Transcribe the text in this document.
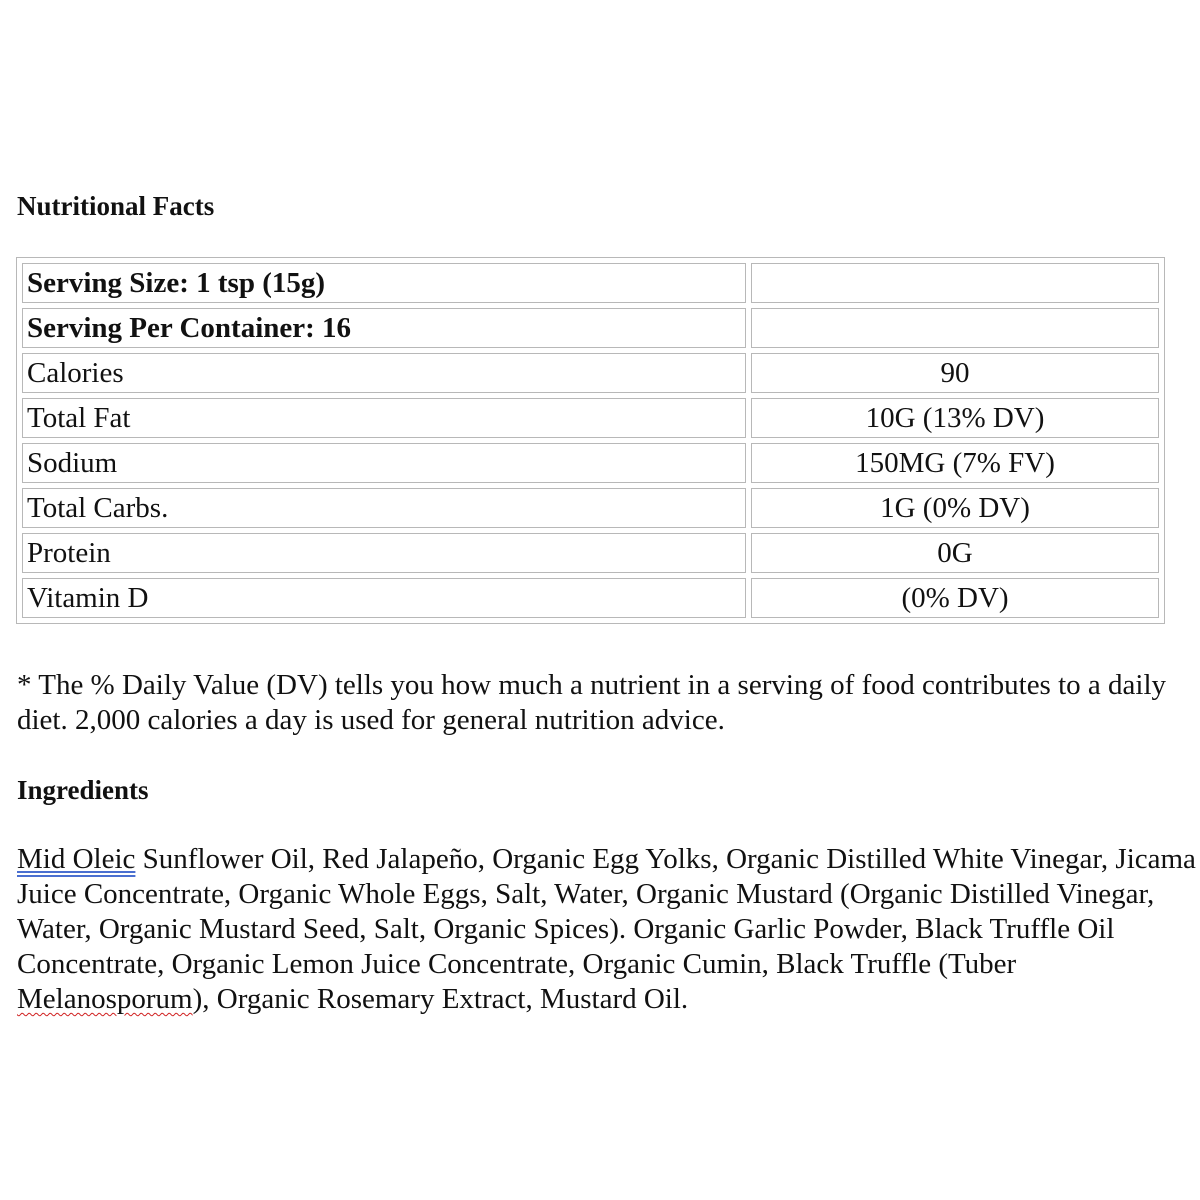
Nutritional Facts
Serving Size: 1 tsp (15g)	
Serving Per Container: 16	
Calories	90
Total Fat	10G (13% DV)
Sodium	150MG (7% FV)
Total Carbs.	1G (0% DV)
Protein	0G
Vitamin D	(0% DV)

* The % Daily Value (DV) tells you how much a nutrient in a serving of food contributes to a daily diet. 2,000 calories a day is used for general nutrition advice.

Ingredients

Mid Oleic Sunflower Oil, Red Jalapeño, Organic Egg Yolks, Organic Distilled White Vinegar, Jicama Juice Concentrate, Organic Whole Eggs, Salt, Water, Organic Mustard (Organic Distilled Vinegar, Water, Organic Mustard Seed, Salt, Organic Spices). Organic Garlic Powder, Black Truffle Oil Concentrate, Organic Lemon Juice Concentrate, Organic Cumin, Black Truffle (Tuber Melanosporum), Organic Rosemary Extract, Mustard Oil.
